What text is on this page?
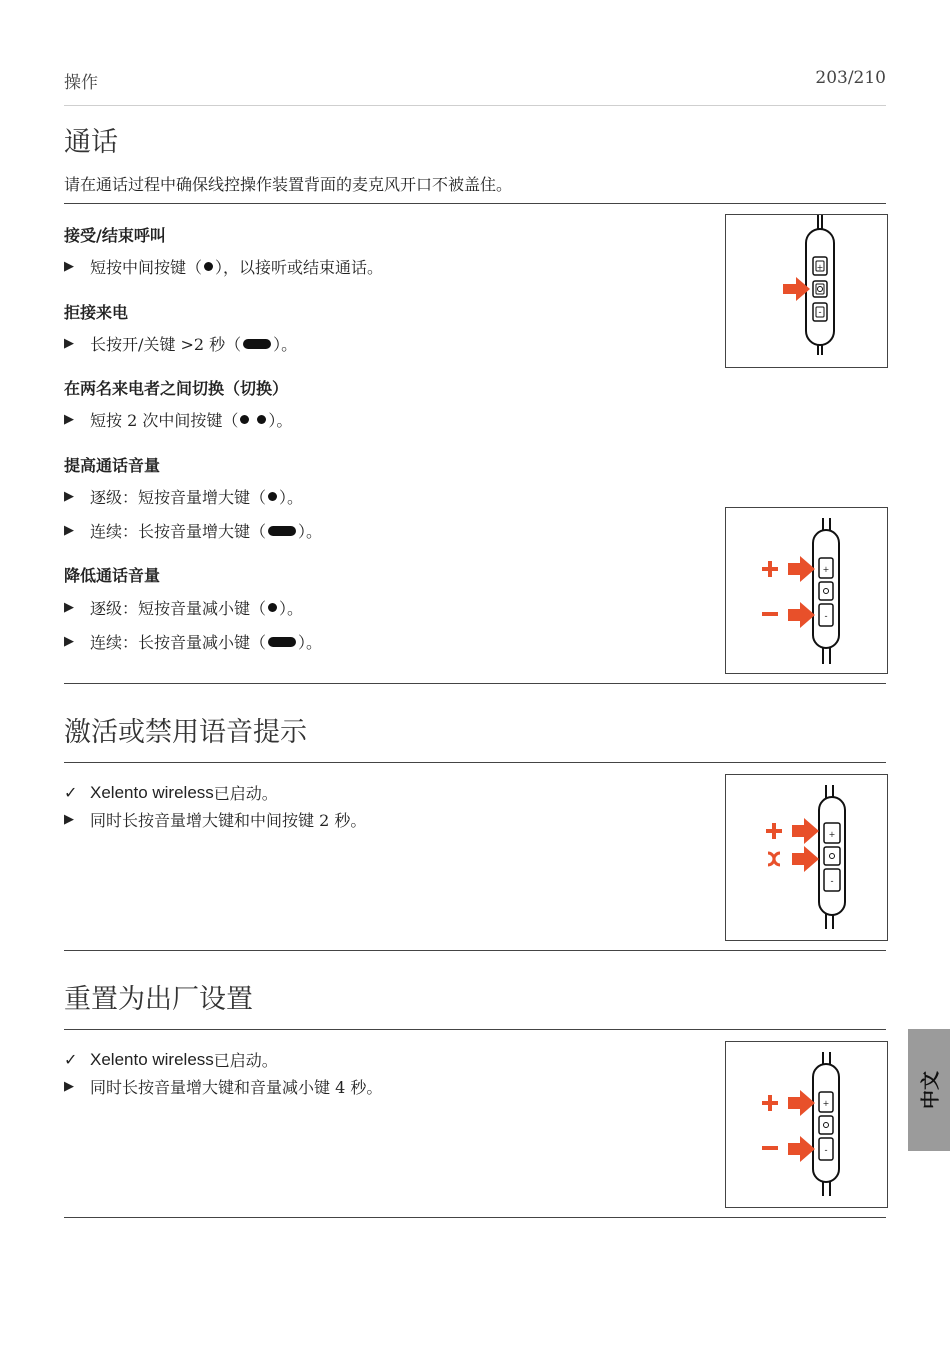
操作	203/210
通话
请在通话过程中确保线控操作装置背面的麦克风开口不被盖住。
接受/结束呼叫
▶	短按中间按键（ ），以接听或结束通话。
拒接来电
▶	长按开/关键 >2 秒（ ）。
在两名来电者之间切换（切换）
▶	短按 2 次中间按键（ ）。
提高通话音量
▶	逐级：短按音量增大键（ ）。
▶	连续：长按音量增大键（ ）。
降低通话音量
▶	逐级：短按音量减小键（ ）。
▶	连续：长按音量减小键（ ）。
+
-
+
-
激活或禁用语音提示
✓ Xelento wireless 已启动。
▶	同时长按音量增大键和中间按键 2 秒。
+
-
重置为出厂设置
✓ Xelento wireless 已启动。
▶	同时长按音量增大键和音量减小键 4 秒。
+
-
中文
